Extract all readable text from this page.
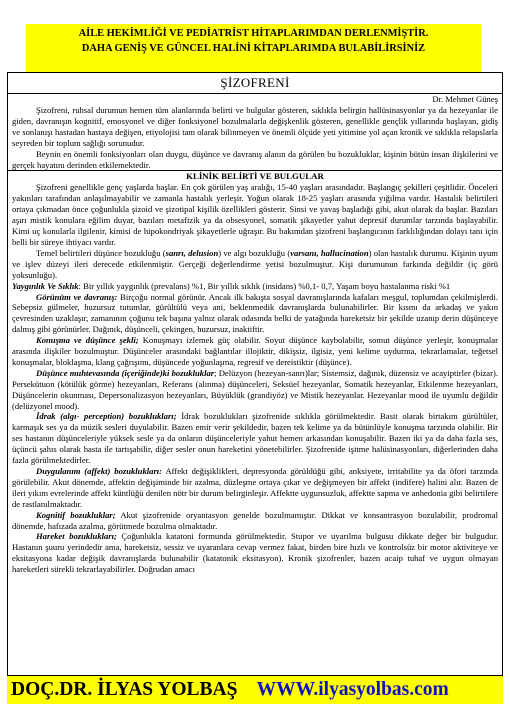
AİLE HEKİMLİĞİ VE PEDİATRİST HİTAPLARIMDAN DERLENMİŞTİR.
DAHA GENİŞ VE GÜNCEL HALİNİ KİTAPLARIMDA BULABİLİRSİNİZ
ŞİZOFRENİ
Dr. Mehmet Güneş

Şizofreni, ruhsal durumun hemen tüm alanlarında belirti ve bulgular gösteren, sıklıkla belirgin hallüsinasyonlar ya da hezeyanlar ile giden, davranışın kognitif, emosyonel ve diğer fonksiyonel bozulmalarla değişkenlik gösteren, genellikle gençlik yıllarında başlayan, gidiş ve sonlanışı hastadan hastaya değişen, etiyolojisi tam olarak bilinmeyen ve önemli ölçüde yeti yitimine yol açan kronik ve sıklıkla relapslarla seyreden bir toplum sağlığı sorunudur.

Beynin en önemli fonksiyonları olan duygu, düşünce ve davranış alanın da görülen bu bozukluklar, kişinin bütün insan ilişkilerini ve gerçek hayatını derinden etkilemektedir.

KLİNİK BELİRTİ VE BULGULAR

Şizofreni genellikle genç yaşlarda başlar. En çok görülen yaş aralığı, 15-40 yaşları arasındadır. Başlangıç şekilleri çeşitlidir. Önceleri yakınları tarafından anlaşılmayabilir ve zamanla hastalık yerleşir. Yoğun olarak 18-25 yaşları arasında yığılma vardır. Hastalık belirtileri ortaya çıkmadan önce çoğunlukla şizoid ve şizotipal kişilik özellikleri gösterir. Sinsi ve yavaş başladığı gibi, akut olarak da başlar. Bazıları aşırı mistik konulara eğilim duyar, bazıları metafizik ya da obsesyonel, somatik şikayetler yahut depresif durumlar tarzında başlayabilir. Kimi uç konularla ilgilenir, kimisi de hipokondriyak şikayetlerle uğraşır. Bu bakımdan şizofreni başlangıcının farklılığından dolayı tanı için belli bir süreye ihtiyacı vardır.

Temel belirtileri düşünce bozukluğu (sanrı, delusion) ve algı bozukluğu (varsanı, hallucination) olan hastalık durumu. Kişinin uyum ve işlev düzeyi ileri derecede etkilenmiştir. Gerçeği değerlendirme yetisi bozulmuştur. Kişi durumunun farkında değildir (iç görü yoksunluğu).

Yaygınlık Ve Sıklık: Bir yıllık yaygınlık (prevalans) %1, Bir yıllık sıklık (insidans) %0,1- 0,7, Yaşam boyu hastalanma riski %1

Görünüm ve davranış: Birçoğu normal görünür. Ancak ilk bakışta sosyal davranışlarında kafaları meşgul, toplumdan çekilmişlerdi. Sebepsiz gülmeler, huzursuz tutumlar, gürültülü veya ani, beklenmedik davranışlarda bulunabilirler. Bir kısmı da arkadaş ve yakın çevresinden uzaklaşır, zamanının çoğunu tek başına yalnız olarak odasında belki de yatağında hareketsiz bir şekilde uzanıp derin düşünceye dalmış gibi görünürler. Dağınık, düşünceli, çekingen, huzursuz, inaktiftir.

Konuşma ve düşünce şekli; Konuşmayı izlemek güç olabilir. Soyut düşünce kaybolabilir, somut düşünce yerleşir, konuşmalar arasında ilişkiler bozulmuştur. Düşünceler arasındaki bağlantılar illojiktir, dikişsiz, ilgisiz, yeni kelime uydurma, tekrarlamalar, teğetsel konuşmalar, bloklaşma, klang çağrışımı, düşüncede yoğunlaşma, regresif ve dereistiktir (düşünce).

Düşünce muhtevasında (içeriğinde)ki bozukluklar; Delüzyon (hezeyan-sanrı)lar; Sistemsiz, dağınık, düzensiz ve acayiptirler (bizar). Persekütuon (kötülük görme) hezeyanları, Referans (alınma) düşünceleri, Seksüel hezeyanlar, Somatik hezeyanlar, Etkilenme hezeyanları, Düşüncelerin okunması, Depersonalizasyon hezeyanları, Büyüklük (grandiyöz) ve Mistik hezeyanlar. Hezeyanlar mood ile uyumlu değildir (delüzyonel mood).

İdrak (algı- perception) bozuklukları; İdrak bozuklukları şizofrenide sıklıkla görülmektedir. Basit olarak birtakım gürültüler, karmaşık ses ya da müzik sesleri duyulabilir. Bazen emir verir şekildedir, bazen tek kelime ya da bütünlüyle konuşma tarzında olabilir. Bir ses hastanın düşünceleriyle yüksek sesle ya da onların düşünceleriyle yahut hemen arkasından konuşabilir. Bazen iki ya da daha fazla ses, üçüncü şahıs olarak hasta ile tartışabilir, diğer sesler onun hareketini yönetebilirler. Şizofrenide işitme halüsinasyonları, diğerlerinden daha fazla görülmektedirler.

Duygulanım (affekt) bozuklukları: Affekt değişiklikleri, depresyonda görüldüğü gibi, anksiyete, irritabilite ya da öfori tarzında görülebilir. Akut dönemde, affektin değişiminde bir azalma, düzleşme ortaya çıkar ve değişmeyen bir affekt (indifere) halini alır. Bazen de ileri yıkım evrelerinde affekt küntlüğü denilen nötr bir durum belirginleşir. Affektte uygunsuzluk, affektte sapma ve anhedonia gibi belirtilere de rastlanılmaktadır.

Kognitif bozukluklar; Akut şizofrenide oryantasyon genelde bozulmamıştır. Dikkat ve konsantrasyon bozulabilir, prodromal dönemde, hafızada azalma, görütmede bozulma olmaktadır.

Hareket bozuklukları; Çoğunlukla katatoni formunda görülmektedir. Stupor ve uyarılma bulgusu dikkate değer bir bulgudur. Hastanın şuuru yerindedir ama, hareketsiz, sessiz ve uyaranlara cevap vermez fakat, birden bire hızlı ve kontrolsüz bir motor aktiviteye ve eksitasyona kadar değişik davranışlarda bulunabilir (katatonik eksitasyon). Kronik şizofrenler, bazen acaip tuhaf ve uygun olmayan hareketleri sürekli tekrarlayabilirler. Doğrudan amacı

DOÇ.DR. İLYAS YOLBAŞ WWW.ilyasyolbas.com
